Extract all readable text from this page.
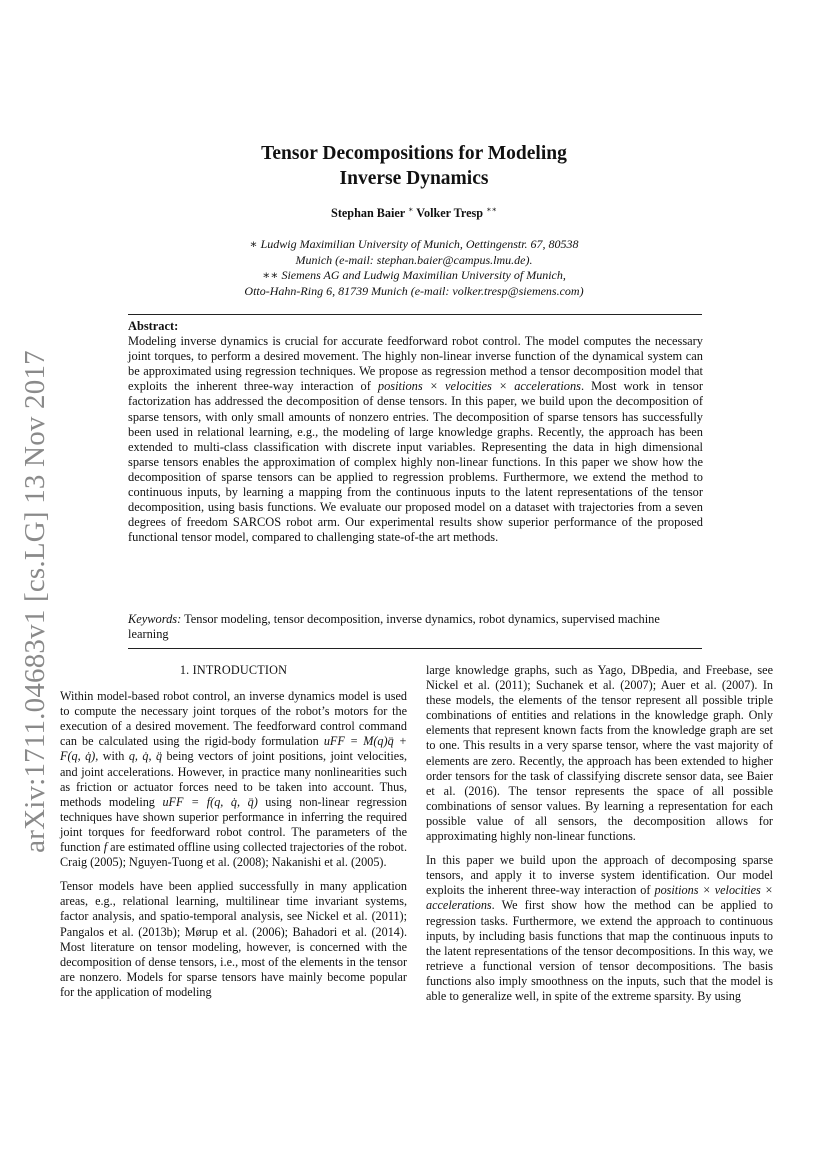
arXiv:1711.04683v1 [cs.LG] 13 Nov 2017
Tensor Decompositions for Modeling
Inverse Dynamics
Stephan Baier ∗ Volker Tresp ∗∗
∗ Ludwig Maximilian University of Munich, Oettingenstr. 67, 80538
Munich (e-mail: stephan.baier@campus.lmu.de).
∗∗ Siemens AG and Ludwig Maximilian University of Munich,
Otto-Hahn-Ring 6, 81739 Munich (e-mail: volker.tresp@siemens.com)
Abstract:
Modeling inverse dynamics is crucial for accurate feedforward robot control. The model computes the necessary joint torques, to perform a desired movement. The highly non-linear inverse function of the dynamical system can be approximated using regression techniques. We propose as regression method a tensor decomposition model that exploits the inherent three-way interaction of positions × velocities × accelerations. Most work in tensor factorization has addressed the decomposition of dense tensors. In this paper, we build upon the decomposition of sparse tensors, with only small amounts of nonzero entries. The decomposition of sparse tensors has successfully been used in relational learning, e.g., the modeling of large knowledge graphs. Recently, the approach has been extended to multi-class classification with discrete input variables. Representing the data in high dimensional sparse tensors enables the approximation of complex highly non-linear functions. In this paper we show how the decomposition of sparse tensors can be applied to regression problems. Furthermore, we extend the method to continuous inputs, by learning a mapping from the continuous inputs to the latent representations of the tensor decomposition, using basis functions. We evaluate our proposed model on a dataset with trajectories from a seven degrees of freedom SARCOS robot arm. Our experimental results show superior performance of the proposed functional tensor model, compared to challenging state-of-the art methods.
Keywords: Tensor modeling, tensor decomposition, inverse dynamics, robot dynamics, supervised machine learning
1. INTRODUCTION

Within model-based robot control, an inverse dynamics model is used to compute the necessary joint torques of the robot’s motors for the execution of a desired movement. The feedforward control command can be calculated using the rigid-body formulation uFF = M(q)q̈ + F(q, q̇), with q, q̇, q̈ being vectors of joint positions, joint velocities, and joint accelerations. However, in practice many nonlinearities such as friction or actuator forces need to be taken into account. Thus, methods modeling uFF = f(q, q̇, q̈) using non-linear regression techniques have shown superior performance in inferring the required joint torques for feedforward robot control. The parameters of the function f are estimated offline using collected trajectories of the robot. Craig (2005); Nguyen-Tuong et al. (2008); Nakanishi et al. (2005).

Tensor models have been applied successfully in many application areas, e.g., relational learning, multilinear time invariant systems, factor analysis, and spatio-temporal analysis, see Nickel et al. (2011); Pangalos et al. (2013b); Mørup et al. (2006); Bahadori et al. (2014). Most literature on tensor modeling, however, is concerned with the decomposition of dense tensors, i.e., most of the elements in the tensor are nonzero. Models for sparse tensors have mainly become popular for the application of modeling

large knowledge graphs, such as Yago, DBpedia, and Freebase, see Nickel et al. (2011); Suchanek et al. (2007); Auer et al. (2007). In these models, the elements of the tensor represent all possible triple combinations of entities and relations in the knowledge graph. Only elements that represent known facts from the knowledge graph are set to one. This results in a very sparse tensor, where the vast majority of elements are zero. Recently, the approach has been extended to higher order tensors for the task of classifying discrete sensor data, see Baier et al. (2016). The tensor represents the space of all possible combinations of sensor values. By learning a representation for each possible value of all sensors, the decomposition allows for approximating highly non-linear functions.

In this paper we build upon the approach of decomposing sparse tensors, and apply it to inverse system identification. Our model exploits the inherent three-way interaction of positions × velocities × accelerations. We first show how the method can be applied to regression tasks. Furthermore, we extend the approach to continuous inputs, by including basis functions that map the continuous inputs to the latent representations of the tensor decompositions. In this way, we retrieve a functional version of tensor decompositions. The basis functions also imply smoothness on the inputs, such that the model is able to generalize well, in spite of the extreme sparsity. By using
